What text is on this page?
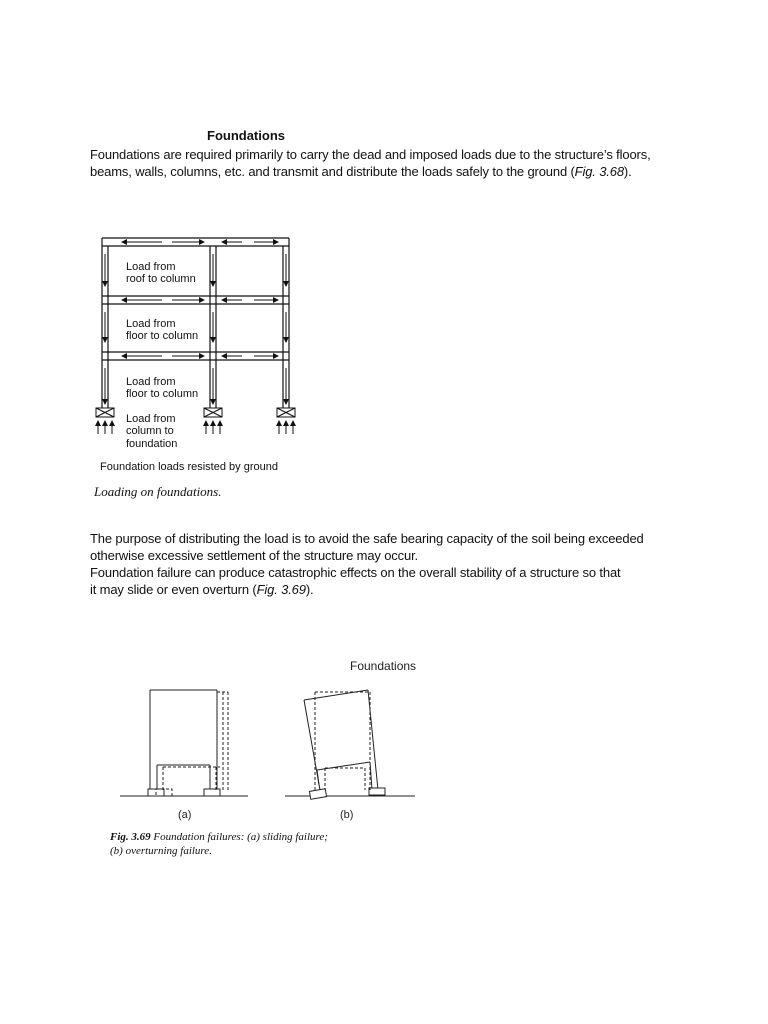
Foundations
Foundations are required primarily to carry the dead and imposed loads due to the structure’s floors, beams, walls, columns, etc. and transmit and distribute the loads safely to the ground (Fig. 3.68).
Load from
roof to column
Load from
floor to column
Load from
floor to column
Load from
column to
foundation
Foundation loads resisted by ground
Loading on foundations.
The purpose of distributing the load is to avoid the safe bearing capacity of the soil being exceeded
otherwise excessive settlement of the structure may occur.
Foundation failure can produce catastrophic effects on the overall stability of a structure so that
it may slide or even overturn (Fig. 3.69).
Foundations
(a)	(b)
Fig. 3.69 Foundation failures: (a) sliding failure;
(b) overturning failure.
